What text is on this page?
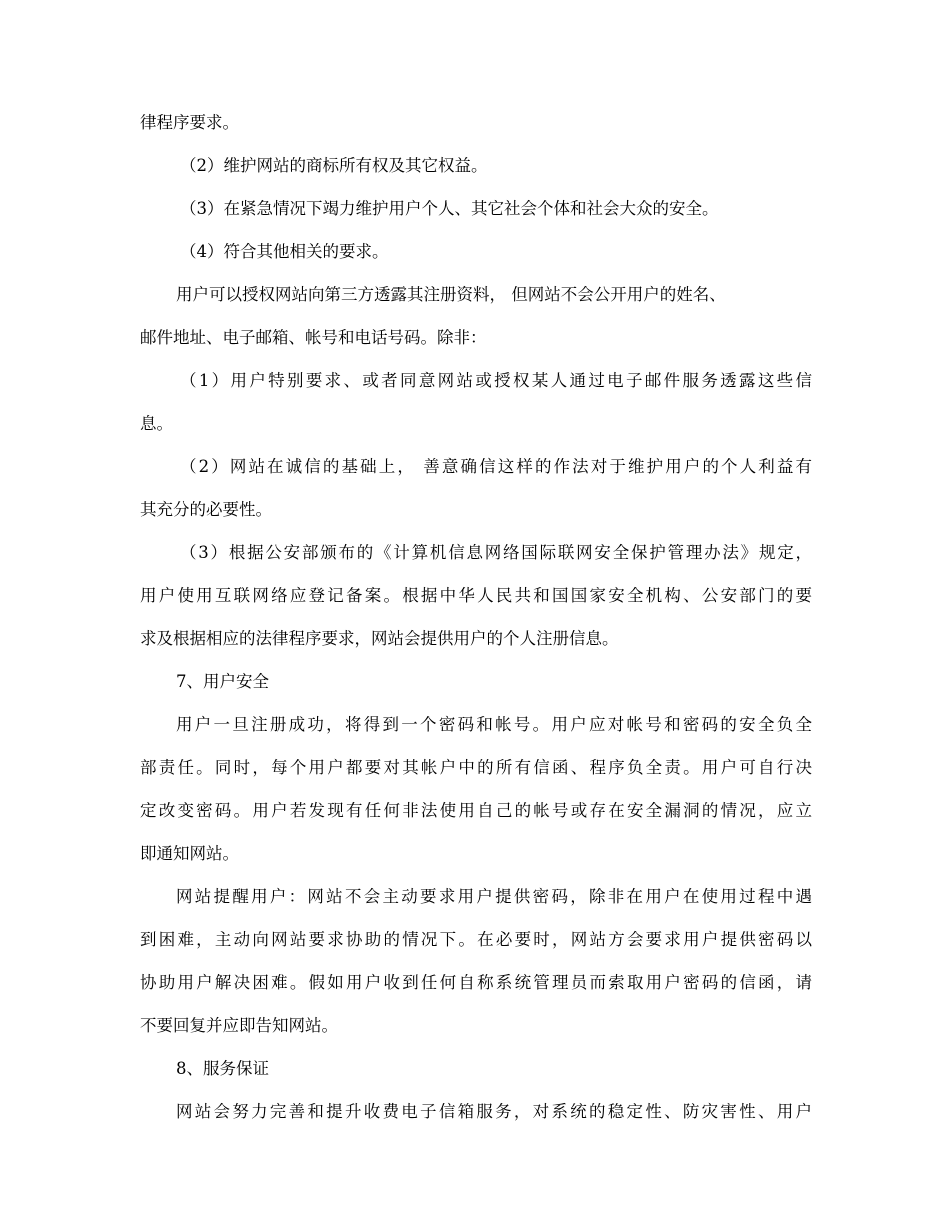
律程序要求。
（2）维护网站的商标所有权及其它权益。
（3）在紧急情况下竭力维护用户个人、其它社会个体和社会大众的安全。
（4）符合其他相关的要求。
用户可以授权网站向第三方透露其注册资料， 但网站不会公开用户的姓名、
邮件地址、电子邮箱、帐号和电话号码。除非：
（1）用户特别要求、或者同意网站或授权某人通过电子邮件服务透露这些信
息。
（2）网站在诚信的基础上， 善意确信这样的作法对于维护用户的个人利益有
其充分的必要性。
（3）根据公安部颁布的《计算机信息网络国际联网安全保护管理办法》规定，
用户使用互联网络应登记备案。根据中华人民共和国国家安全机构、公安部门的要
求及根据相应的法律程序要求，网站会提供用户的个人注册信息。
7、用户安全
用户一旦注册成功，将得到一个密码和帐号。用户应对帐号和密码的安全负全
部责任。同时，每个用户都要对其帐户中的所有信函、程序负全责。用户可自行决
定改变密码。用户若发现有任何非法使用自己的帐号或存在安全漏洞的情况，应立
即通知网站。
网站提醒用户：网站不会主动要求用户提供密码，除非在用户在使用过程中遇
到困难，主动向网站要求协助的情况下。在必要时，网站方会要求用户提供密码以
协助用户解决困难。假如用户收到任何自称系统管理员而索取用户密码的信函，请
不要回复并应即告知网站。
8、服务保证
网站会努力完善和提升收费电子信箱服务，对系统的稳定性、防灾害性、用户
